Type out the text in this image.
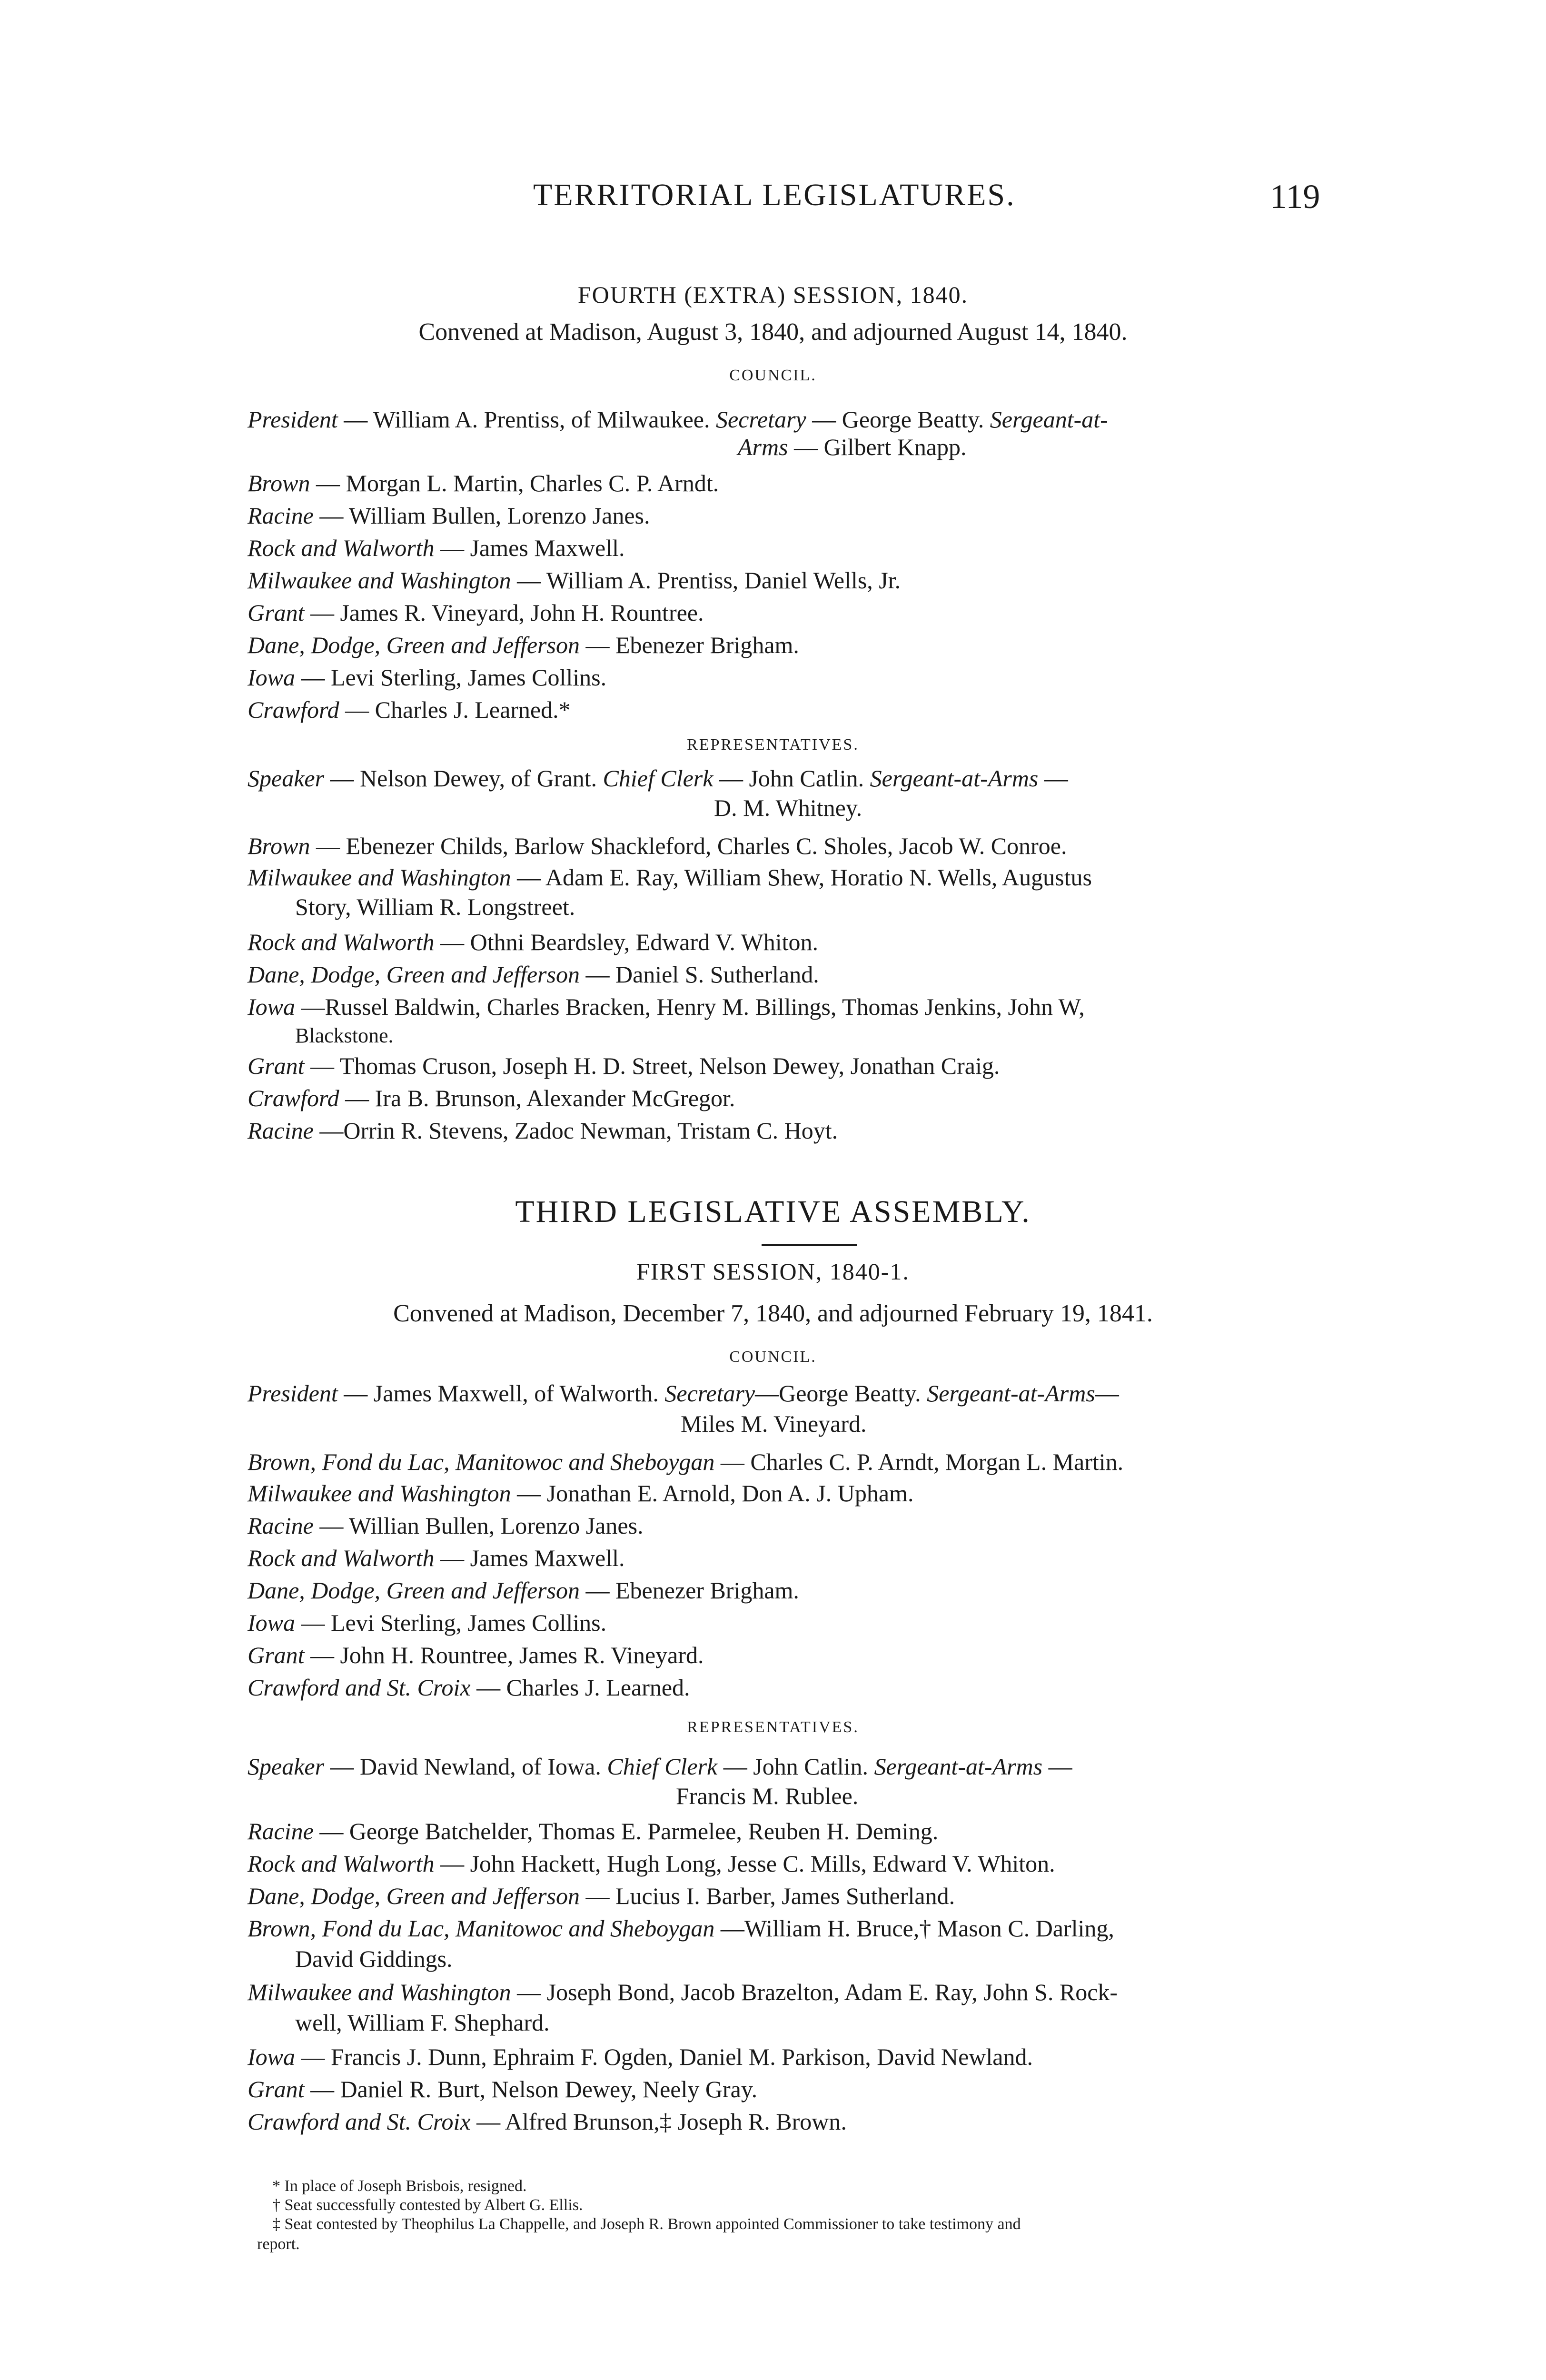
TERRITORIAL LEGISLATURES.	119
FOURTH (EXTRA) SESSION, 1840.
Convened at Madison, August 3, 1840, and adjourned August 14, 1840.
COUNCIL.
President — William A. Prentiss, of Milwaukee. Secretary — George Beatty. Sergeant-at-
Arms — Gilbert Knapp.
Brown — Morgan L. Martin, Charles C. P. Arndt.
Racine — William Bullen, Lorenzo Janes.
Rock and Walworth — James Maxwell.
Milwaukee and Washington — William A. Prentiss, Daniel Wells, Jr.
Grant — James R. Vineyard, John H. Rountree.
Dane, Dodge, Green and Jefferson — Ebenezer Brigham.
Iowa — Levi Sterling, James Collins.
Crawford — Charles J. Learned.*
REPRESENTATIVES.
Speaker — Nelson Dewey, of Grant. Chief Clerk — John Catlin. Sergeant-at-Arms —
D. M. Whitney.
Brown — Ebenezer Childs, Barlow Shackleford, Charles C. Sholes, Jacob W. Conroe.
Milwaukee and Washington — Adam E. Ray, William Shew, Horatio N. Wells, Augustus
Story, William R. Longstreet.
Rock and Walworth — Othni Beardsley, Edward V. Whiton.
Dane, Dodge, Green and Jefferson — Daniel S. Sutherland.
Iowa —Russel Baldwin, Charles Bracken, Henry M. Billings, Thomas Jenkins, John W,
Blackstone.
Grant — Thomas Cruson, Joseph H. D. Street, Nelson Dewey, Jonathan Craig.
Crawford — Ira B. Brunson, Alexander McGregor.
Racine —Orrin R. Stevens, Zadoc Newman, Tristam C. Hoyt.
THIRD LEGISLATIVE ASSEMBLY.
FIRST SESSION, 1840-1.
Convened at Madison, December 7, 1840, and adjourned February 19, 1841.
COUNCIL.
President — James Maxwell, of Walworth. Secretary—George Beatty. Sergeant-at-Arms—
Miles M. Vineyard.
Brown, Fond du Lac, Manitowoc and Sheboygan — Charles C. P. Arndt, Morgan L. Martin.
Milwaukee and Washington — Jonathan E. Arnold, Don A. J. Upham.
Racine — Willian Bullen, Lorenzo Janes.
Rock and Walworth — James Maxwell.
Dane, Dodge, Green and Jefferson — Ebenezer Brigham.
Iowa — Levi Sterling, James Collins.
Grant — John H. Rountree, James R. Vineyard.
Crawford and St. Croix — Charles J. Learned.
REPRESENTATIVES.
Speaker — David Newland, of Iowa. Chief Clerk — John Catlin. Sergeant-at-Arms —
Francis M. Rublee.
Racine — George Batchelder, Thomas E. Parmelee, Reuben H. Deming.
Rock and Walworth — John Hackett, Hugh Long, Jesse C. Mills, Edward V. Whiton.
Dane, Dodge, Green and Jefferson — Lucius I. Barber, James Sutherland.
Brown, Fond du Lac, Manitowoc and Sheboygan —William H. Bruce,† Mason C. Darling,
David Giddings.
Milwaukee and Washington — Joseph Bond, Jacob Brazelton, Adam E. Ray, John S. Rock-
well, William F. Shephard.
Iowa — Francis J. Dunn, Ephraim F. Ogden, Daniel M. Parkison, David Newland.
Grant — Daniel R. Burt, Nelson Dewey, Neely Gray.
Crawford and St. Croix — Alfred Brunson,‡ Joseph R. Brown.
* In place of Joseph Brisbois, resigned.
† Seat successfully contested by Albert G. Ellis.
‡ Seat contested by Theophilus La Chappelle, and Joseph R. Brown appointed Commissioner to take testimony and
report.
